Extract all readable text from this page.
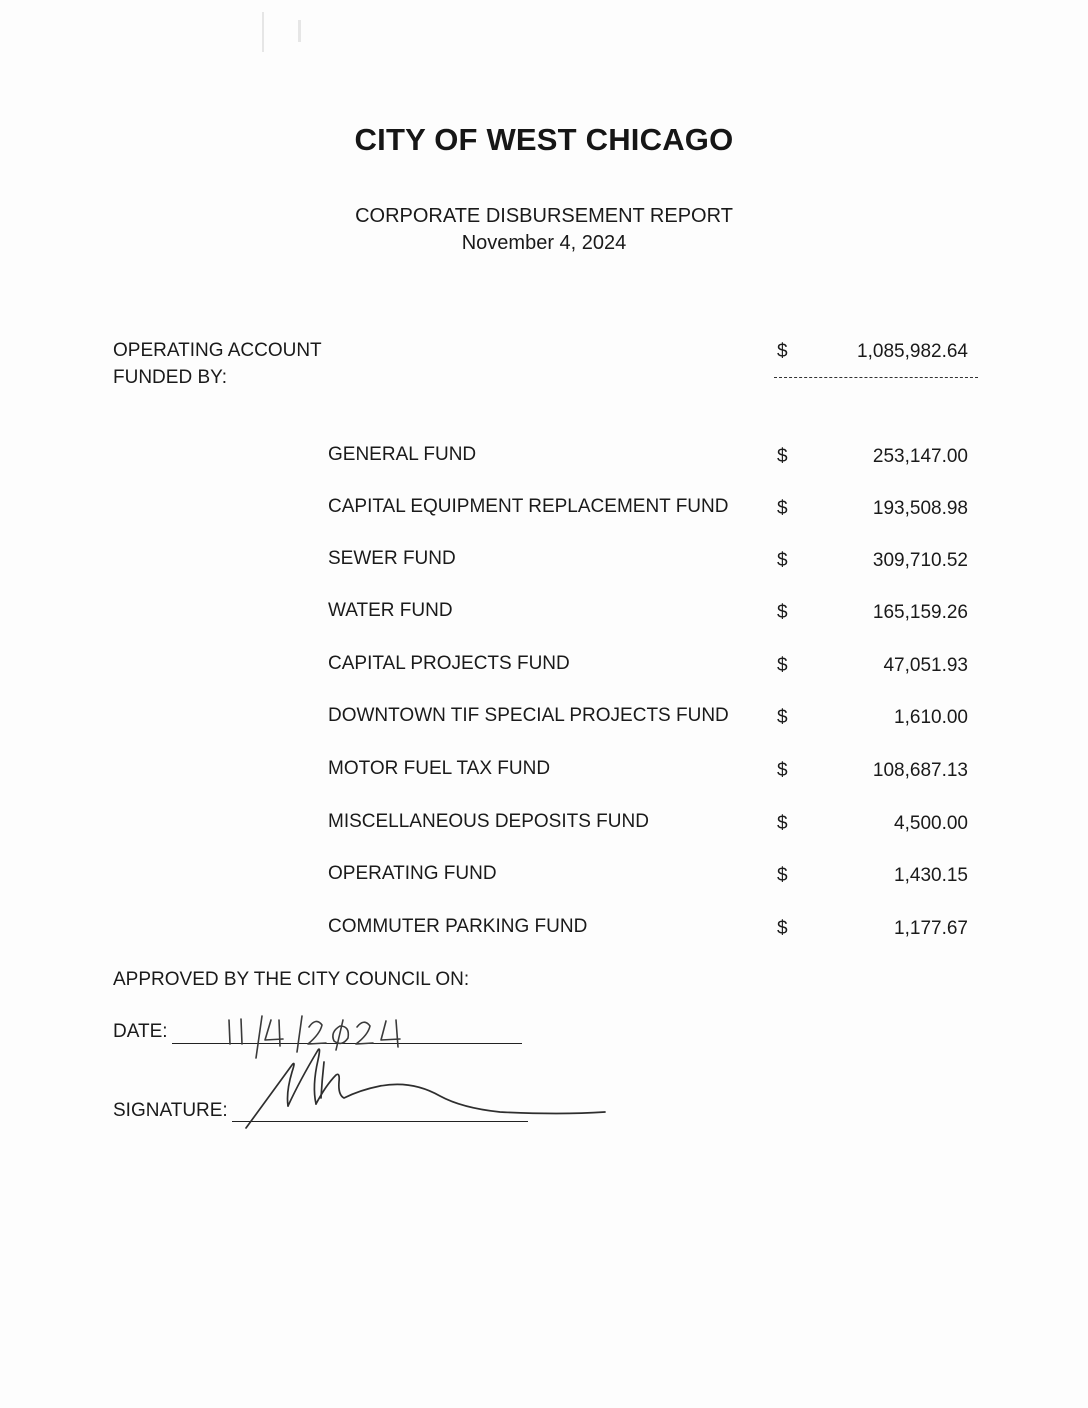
CITY OF WEST CHICAGO
CORPORATE DISBURSEMENT REPORT
November 4, 2024
OPERATING ACCOUNT
FUNDED BY:
$	1,085,982.64
GENERAL FUND	$	253,147.00
CAPITAL EQUIPMENT REPLACEMENT FUND	$	193,508.98
SEWER FUND	$	309,710.52
WATER FUND	$	165,159.26
CAPITAL PROJECTS FUND	$	47,051.93
DOWNTOWN TIF SPECIAL PROJECTS FUND	$	1,610.00
MOTOR FUEL TAX FUND	$	108,687.13
MISCELLANEOUS DEPOSITS FUND	$	4,500.00
OPERATING FUND	$	1,430.15
COMMUTER PARKING FUND	$	1,177.67
APPROVED BY THE CITY COUNCIL ON:
DATE:
SIGNATURE:
